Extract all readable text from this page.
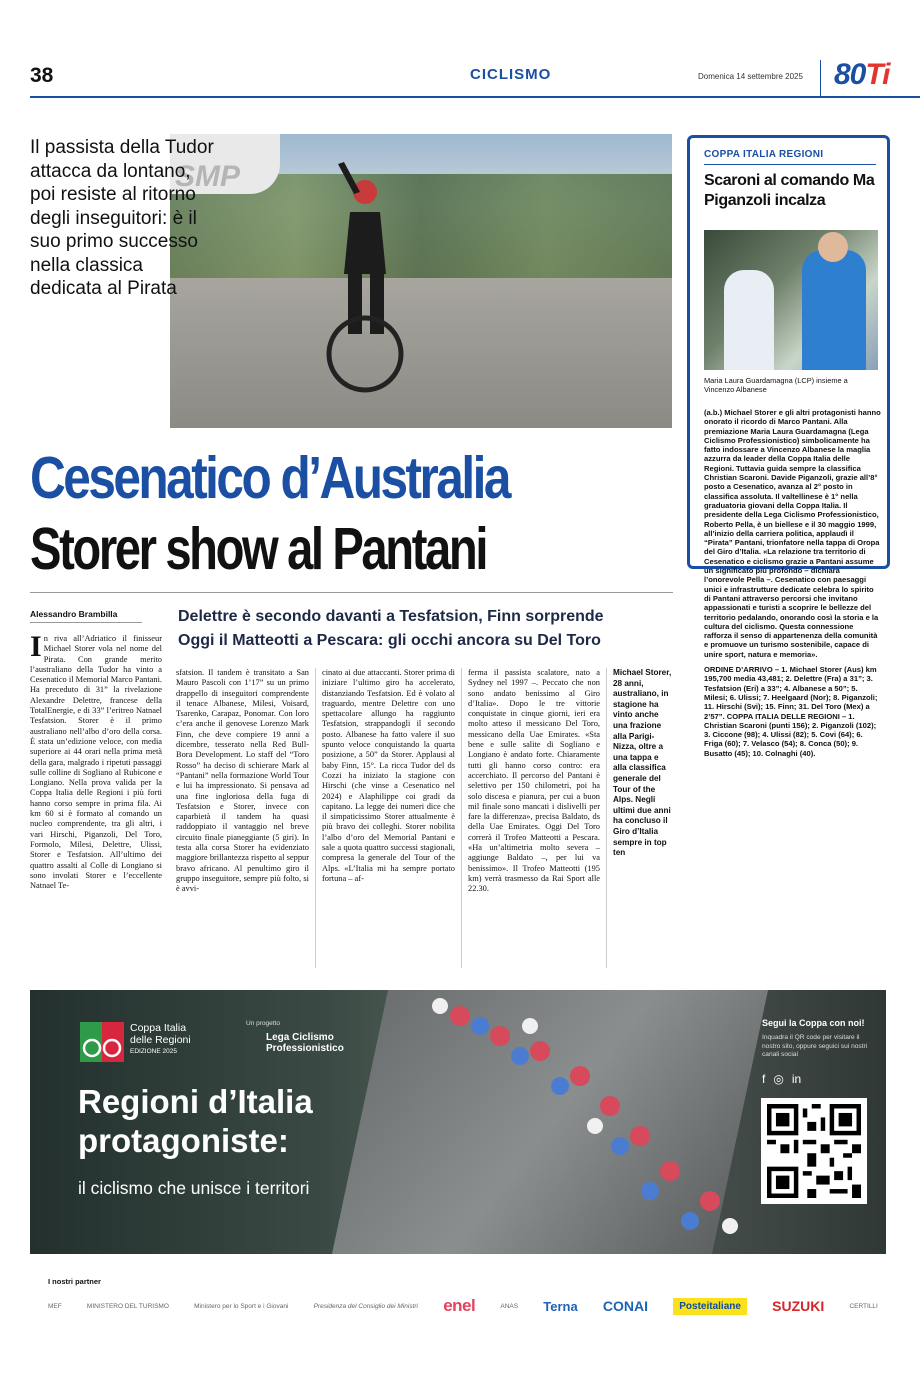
38	CICLISMO	Domenica 14 settembre 2025 80Ti
SMP
Il passista della Tudor attacca da lontano, poi resiste al ritorno degli inseguitori: è il suo primo successo nella classica dedicata al Pirata
Cesenatico d’Australia
Storer show al Pantani
Alessandro Brambilla	Delettre è secondo davanti a Tesfatsion, Finn sorprende
Oggi il Matteotti a Pescara: gli occhi ancora su Del Toro
In riva all’Adriatico il finisseur Michael Storer vola nel nome del Pirata. Con grande merito l’australiano della Tudor ha vinto a Cesenatico il Memorial Marco Pantani. Ha preceduto di 31” la rivelazione Alexandre Delettre, francese della TotalEnergie, e di 33” l’eritreo Natnael Tesfatsion. Storer è il primo australiano nell’albo d’oro della corsa. È stata un’edizione veloce, con media superiore ai 44 orari nella prima metà della gara, malgrado i ripetuti passaggi sulle colline di Sogliano al Rubicone e Longiano. Nella prova valida per la Coppa Italia delle Regioni i più forti hanno corso sempre in prima fila. Ai km 60 si è formato al comando un nucleo comprendente, tra gli altri, i vari Hirschi, Piganzoli, Del Toro, Formolo, Milesi, Delettre, Ulissi, Storer e Tesfatsion. All’ultimo dei quattro assalti al Colle di Longiano si sono involati Storer e l’eccellente Natnael Te-
sfatsion. Il tandem è transitato a San Mauro Pascoli con 1’17” su un primo drappello di inseguitori comprendente il tenace Albanese, Milesi, Voisard, Tsarenko, Carapaz, Ponomar. Con loro c’era anche il genovese Lorenzo Mark Finn, che deve compiere 19 anni a dicembre, tesserato nella Red Bull-Bora Development. Lo staff del “Toro Rosso” ha deciso di schierare Mark al “Pantani” nella formazione World Tour e lui ha impressionato. Si pensava ad una fine ingloriosa della fuga di Tesfatsion e Storer, invece con caparbietà il tandem ha quasi raddoppiato il vantaggio nel breve circuito finale pianeggiante (5 giri). In testa alla corsa Storer ha evidenziato maggiore brillantezza rispetto al seppur bravo africano. Al penultimo giro il gruppo inseguitore, sempre più folto, si è avvi-
cinato ai due attaccanti. Storer prima di iniziare l’ultimo giro ha accelerato, distanziando Tesfatsion. Ed è volato al traguardo, mentre Delettre con uno spettacolare allungo ha raggiunto Tesfatsion, strappandogli il secondo posto. Albanese ha fatto valere il suo spunto veloce conquistando la quarta posizione, a 50” da Storer. Applausi al baby Finn, 15°. La ricca Tudor del ds Cozzi ha iniziato la stagione con Hirschi (che vinse a Cesenatico nel 2024) e Alaphilippe coi gradi da capitano. La legge dei numeri dice che il simpaticissimo Storer attualmente è più bravo dei colleghi. Storer nobilita l’albo d’oro del Memorial Pantani e sale a quota quattro successi stagionali, compresa la generale del Tour of the Alps. «L’Italia mi ha sempre portato fortuna – af-
ferma il passista scalatore, nato a Sydney nel 1997 –. Peccato che non sono andato benissimo al Giro d’Italia». Dopo le tre vittorie conquistate in cinque giorni, ieri era molto atteso il messicano Del Toro, messicano della Uae Emirates. «Sta bene e sulle salite di Sogliano e Longiano è andato forte. Chiaramente tutti gli hanno corso contro: era accerchiato. Il percorso del Pantani è selettivo per 150 chilometri, poi ha solo discesa e pianura, per cui a buon mil finale sono mancati i dislivelli per fare la differenza», precisa Baldato, ds della Uae Emirates. Oggi Del Toro correrà il Trofeo Matteotti a Pescara. «Ha un’altimetria molto severa – aggiunge Baldato –, per lui va benissimo». Il Trofeo Matteotti (195 km) verrà trasmesso da Rai Sport alle 22.30.
Michael Storer, 28 anni, australiano, in stagione ha vinto anche una frazione alla Parigi-Nizza, oltre a una tappa e alla classifica generale del Tour of the Alps. Negli ultimi due anni ha concluso il Giro d’Italia sempre in top ten
COPPA ITALIA REGIONI
Scaroni al comando Ma Piganzoli incalza
Maria Laura Guardamagna (LCP) insieme a Vincenzo Albanese
(a.b.) Michael Storer e gli altri protagonisti hanno onorato il ricordo di Marco Pantani. Alla premiazione Maria Laura Guardamagna (Lega Ciclismo Professionistico) simbolicamente ha fatto indossare a Vincenzo Albanese la maglia azzurra da leader della Coppa Italia delle Regioni. Tuttavia guida sempre la classifica Christian Scaroni. Davide Piganzoli, grazie all’8° posto a Cesenatico, avanza al 2° posto in classifica assoluta. Il valtellinese è 1° nella graduatoria giovani della Coppa Italia. Il presidente della Lega Ciclismo Professionistico, Roberto Pella, è un biellese e il 30 maggio 1999, all’inizio della carriera politica, applaudì il “Pirata” Pantani, trionfatore nella tappa di Oropa del Giro d’Italia. «La relazione tra territorio di Cesenatico e ciclismo grazie a Pantani assume un significato più profondo – dichiara l’onorevole Pella –. Cesenatico con paesaggi unici e infrastrutture dedicate celebra lo spirito di Pantani attraverso percorsi che invitano appassionati e turisti a scoprire le bellezze del territorio pedalando, onorando così la storia e la cultura del ciclismo. Questa connessione rafforza il senso di appartenenza della comunità e promuove un turismo sostenibile, capace di unire sport, natura e memoria».
ORDINE D’ARRIVO – 1. Michael Storer (Aus) km 195,700 media 43,481; 2. Delettre (Fra) a 31”; 3. Tesfatsion (Eri) a 33”; 4. Albanese a 50”; 5. Milesi; 6. Ulissi; 7. Heelgaard (Nor); 8. Piganzoli; 11. Hirschi (Svi); 15. Finn; 31. Del Toro (Mex) a 2’57”. COPPA ITALIA DELLE REGIONI – 1. Christian Scaroni (punti 156); 2. Piganzoli (102); 3. Ciccone (98); 4. Ulissi (82); 5. Covi (64); 6. Friga (60); 7. Velasco (54); 8. Conca (50); 9. Busatto (45); 10. Colnaghi (40).
Coppa Italia
delle Regioni
EDIZIONE 2025
Un progetto
Lega Ciclismo
Professionistico
Regioni d’Italia
protagoniste:
il ciclismo che unisce i territori
Segui la Coppa con noi!
Inquadra il QR code per visitare il nostro sito, oppure seguici sui nostri canali social
f ◎ in
I nostri partner
MEF	MINISTERO DEL TURISMO	Ministero per lo Sport e i Giovani	Presidenza del Consiglio dei Ministri enel	ANAS Terna CONAI	Posteitaliane	SUZUKI	CERTILLI
